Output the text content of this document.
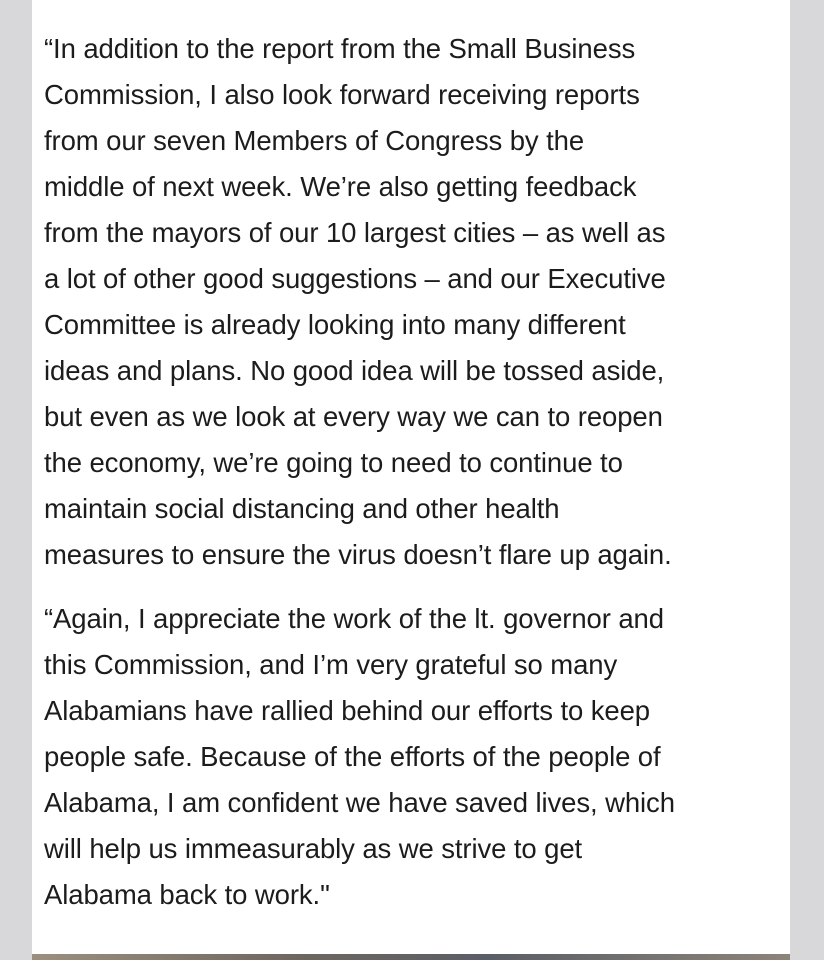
“In addition to the report from the Small Business
Commission, I also look forward receiving reports
from our seven Members of Congress by the
middle of next week. We’re also getting feedback
from the mayors of our 10 largest cities – as well as
a lot of other good suggestions – and our Executive
Committee is already looking into many different
ideas and plans. No good idea will be tossed aside,
but even as we look at every way we can to reopen
the economy, we’re going to need to continue to
maintain social distancing and other health
measures to ensure the virus doesn’t flare up again.

“Again, I appreciate the work of the lt. governor and
this Commission, and I’m very grateful so many
Alabamians have rallied behind our efforts to keep
people safe. Because of the efforts of the people of
Alabama, I am confident we have saved lives, which
will help us immeasurably as we strive to get
Alabama back to work."
